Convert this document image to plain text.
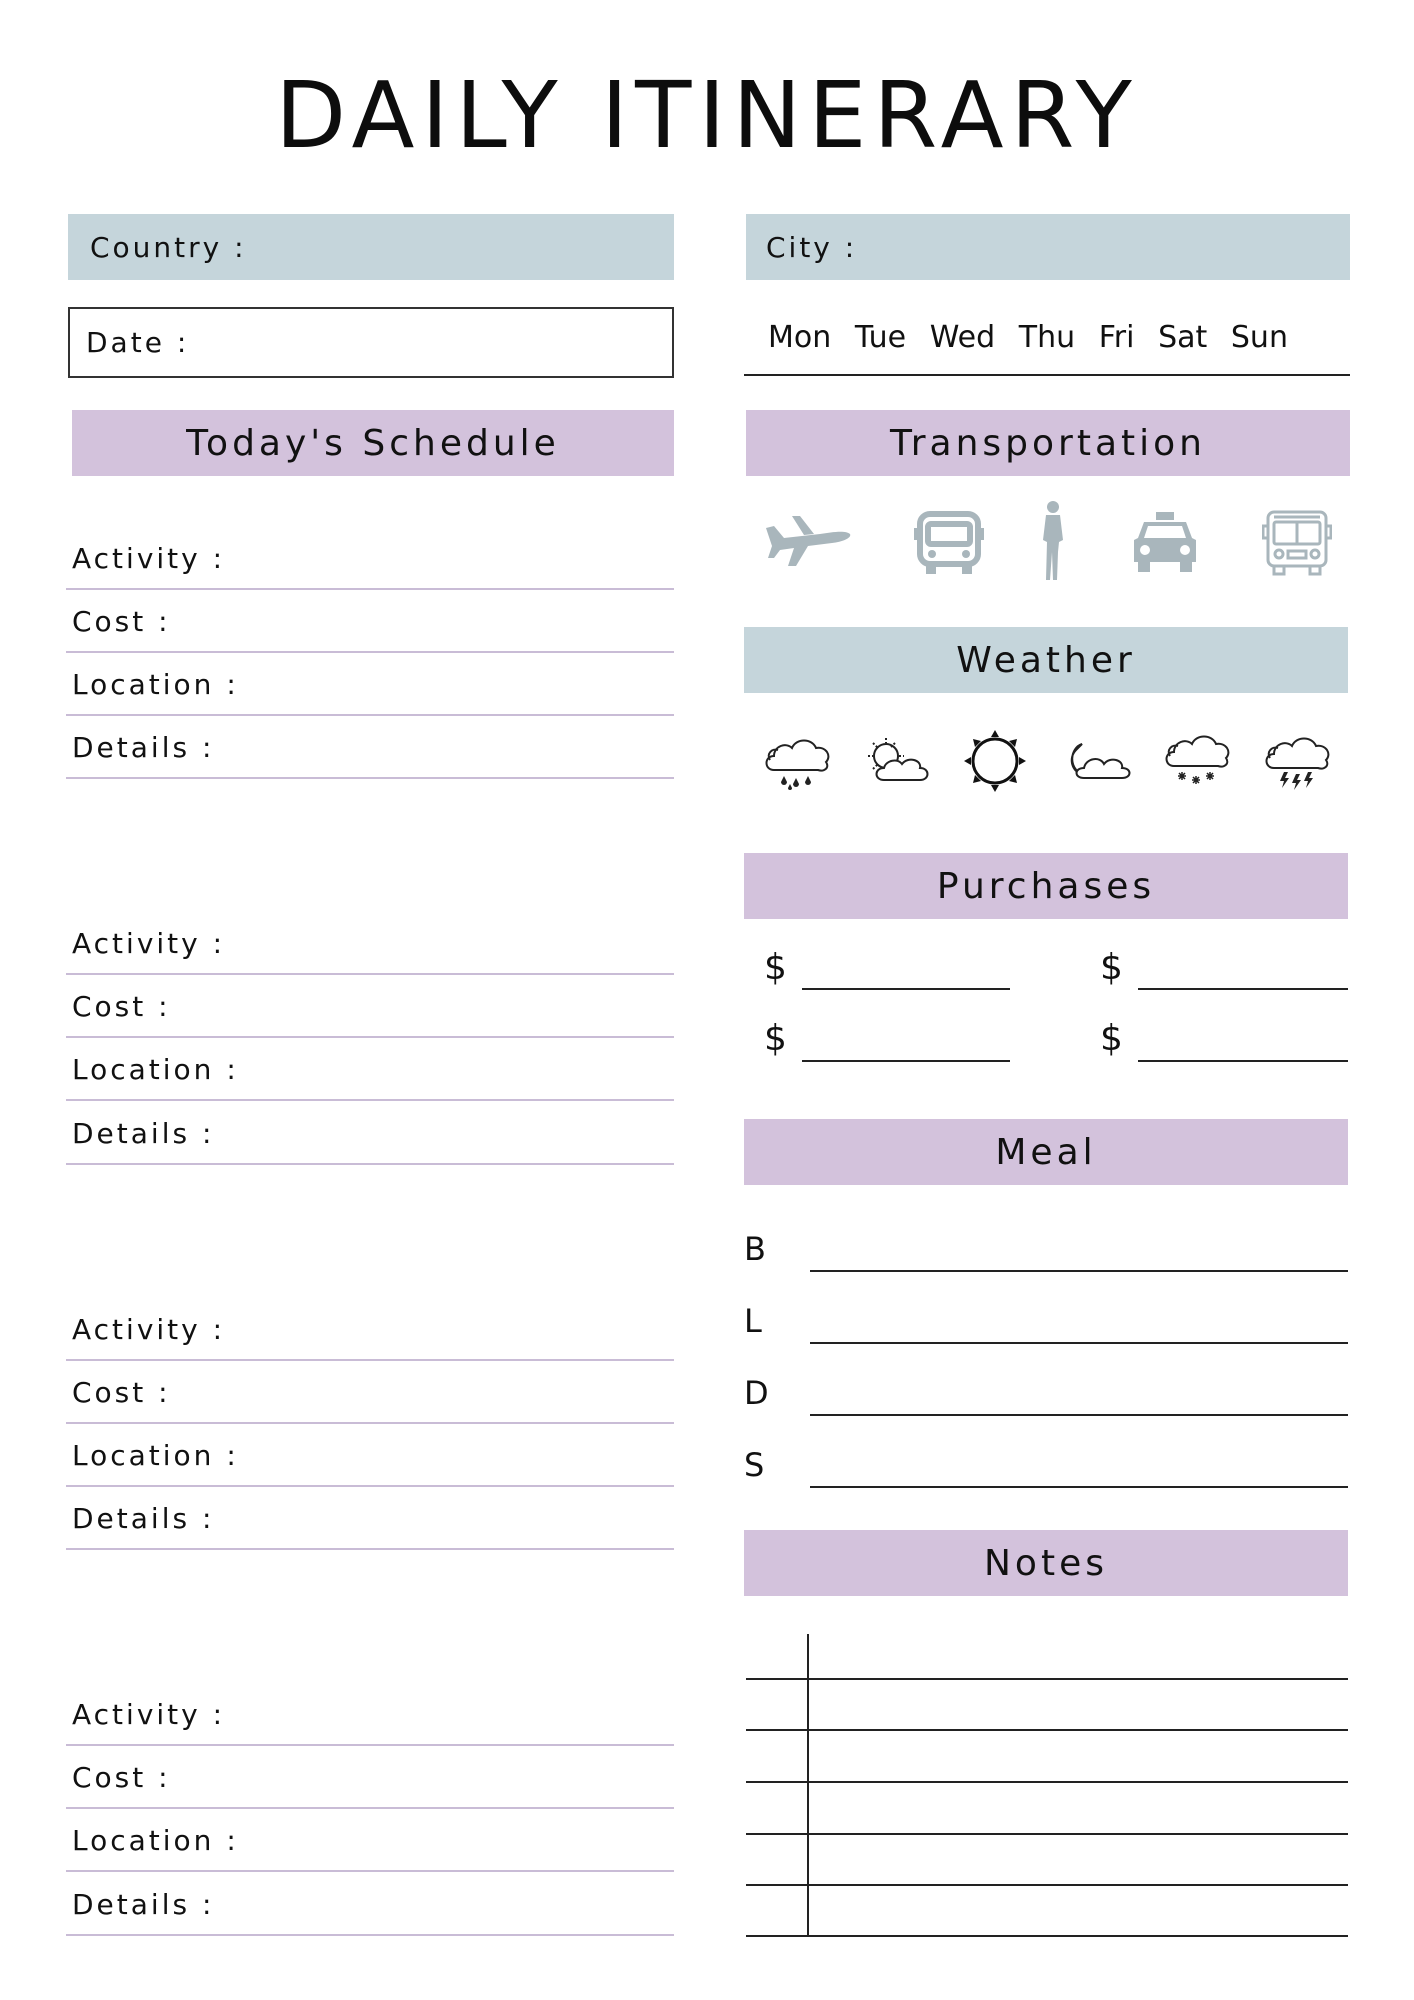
DAILY ITINERARY
Country :	City :
Date :	Mon Tue Wed Thu Fri Sat Sun
Today's Schedule
Activity :
Cost :
Location :
Details :
Activity :
Cost :
Location :
Details :
Activity :
Cost :
Location :
Details :
Activity :
Cost :
Location :
Details :
Transportation
Weather
Purchases
$	$
$	$
Meal
B
L
D
S
Notes
